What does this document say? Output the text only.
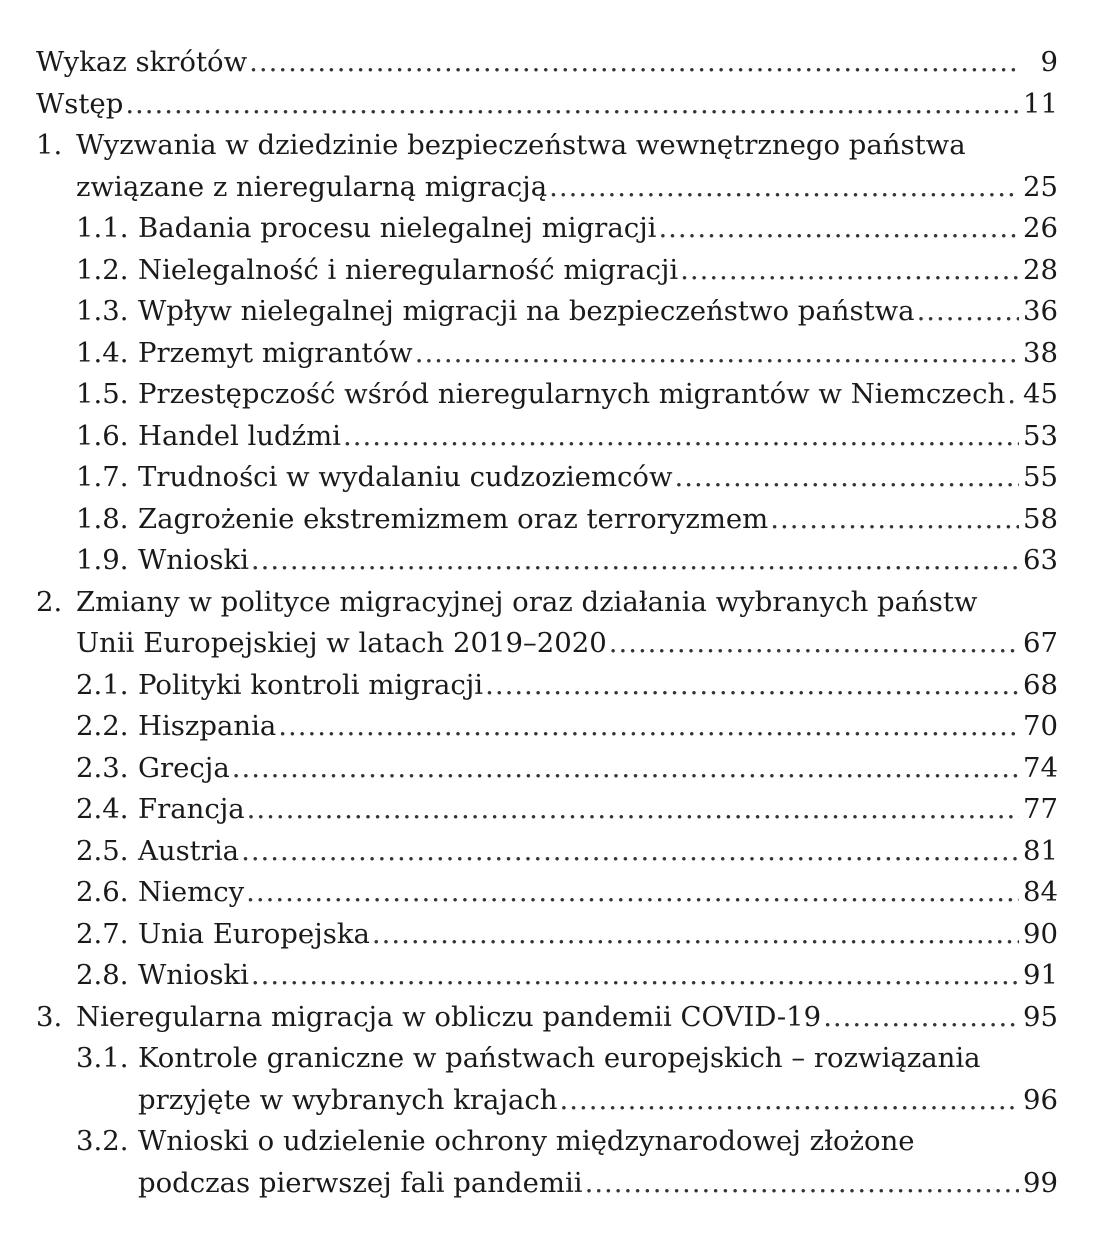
Wykaz skrótów .....	9
Wstęp .....	11
1. Wyzwania w dziedzinie bezpieczeństwa wewnętrznego państwa
związane z nieregularną migracją .....	25
1.1. Badania procesu nielegalnej migracji .....	26
1.2. Nielegalność i nieregularność migracji .....	28
1.3. Wpływ nielegalnej migracji na bezpieczeństwo państwa .....	36
1.4. Przemyt migrantów .....	38
1.5. Przestępczość wśród nieregularnych migrantów w Niemczech ..... 45
1.6. Handel ludźmi .....	53
1.7. Trudności w wydalaniu cudzoziemców .....	55
1.8. Zagrożenie ekstremizmem oraz terroryzmem .....	58
1.9. Wnioski .....	63
2. Zmiany w polityce migracyjnej oraz działania wybranych państw
Unii Europejskiej w latach 2019–2020 .....	67
2.1. Polityki kontroli migracji .....	68
2.2. Hiszpania .....	70
2.3. Grecja .....	74
2.4. Francja .....	77
2.5. Austria .....	81
2.6. Niemcy .....	84
2.7. Unia Europejska .....	90
2.8. Wnioski .....	91
3. Nieregularna migracja w obliczu pandemii COVID-19 .....	95
3.1. Kontrole graniczne w państwach europejskich – rozwiązania
przyjęte w wybranych krajach .....	96
3.2. Wnioski o udzielenie ochrony międzynarodowej złożone
podczas pierwszej fali pandemii .....	99
